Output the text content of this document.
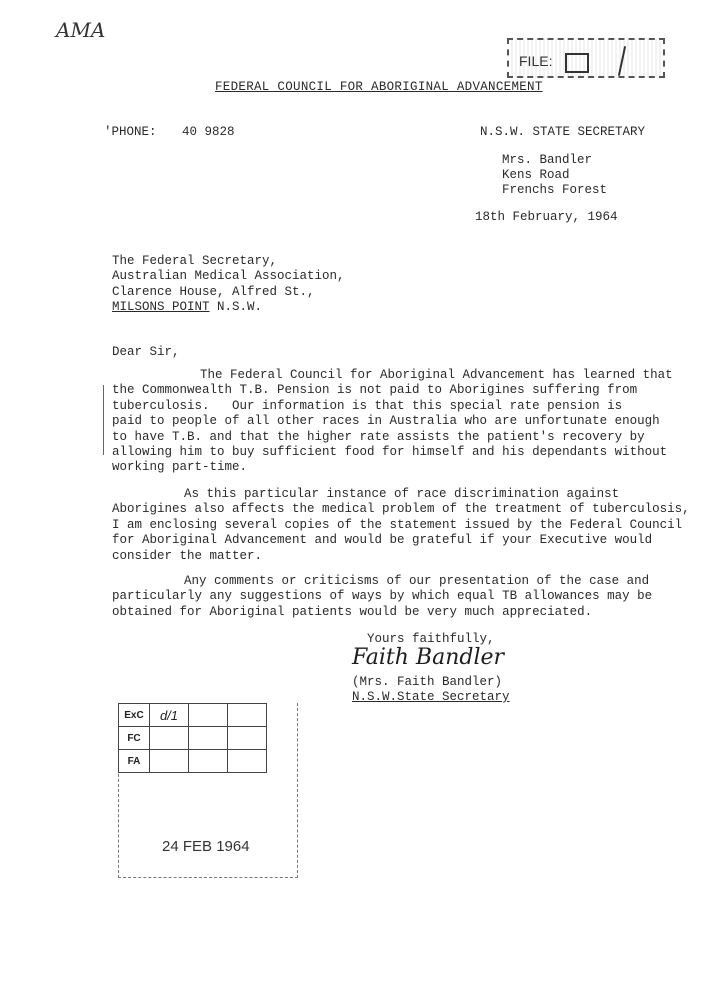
AMA
FILE:
FEDERAL COUNCIL FOR ABORIGINAL ADVANCEMENT
'PHONE: 40 9828	N.S.W. STATE SECRETARY
Mrs. Bandler
Kens Road
Frenchs Forest
18th February, 1964
The Federal Secretary,
Australian Medical Association,
Clarence House, Alfred St.,
MILSONS POINT N.S.W.
Dear Sir,
The Federal Council for Aboriginal Advancement has learned that
the Commonwealth T.B. Pension is not paid to Aborigines suffering from
tuberculosis.   Our information is that this special rate pension is
paid to people of all other races in Australia who are unfortunate enough
to have T.B. and that the higher rate assists the patient's recovery by
allowing him to buy sufficient food for himself and his dependants without
working part-time.
As this particular instance of race discrimination against
Aborigines also affects the medical problem of the treatment of tuberculosis,
I am enclosing several copies of the statement issued by the Federal Council
for Aboriginal Advancement and would be grateful if your Executive would
consider the matter.
Any comments or criticisms of our presentation of the case and
particularly any suggestions of ways by which equal TB allowances may be
obtained for Aboriginal patients would be very much appreciated.
Yours faithfully,
Faith Bandler
(Mrs. Faith Bandler)
N.S.W.State Secretary
ExC	d/1		
FC			
FA			
24 FEB 1964
